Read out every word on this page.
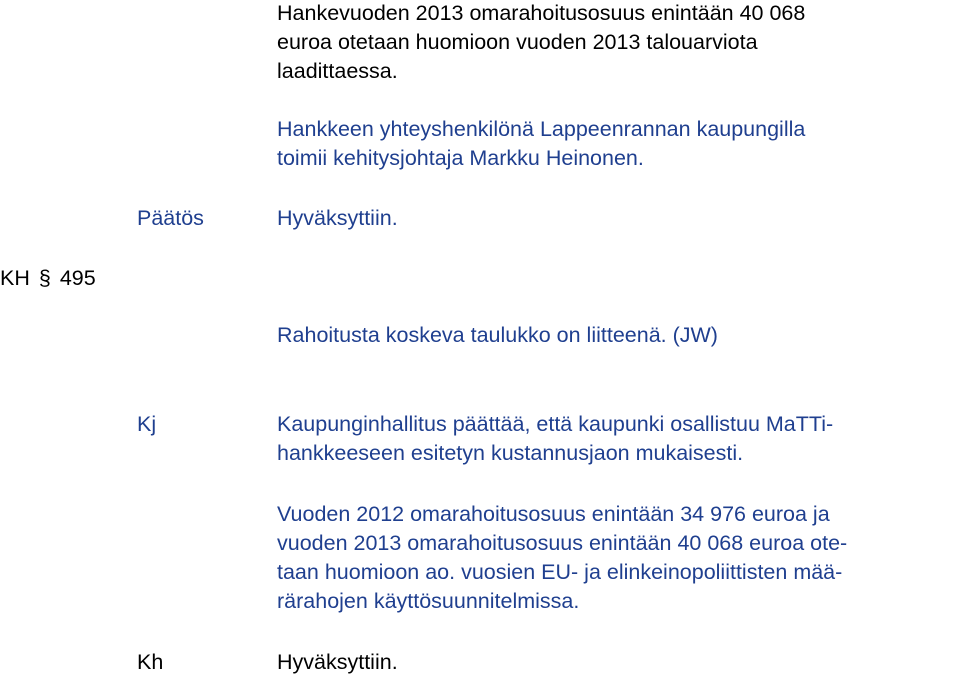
Hankevuoden 2013 omarahoitusosuus enintään 40 068
euroa otetaan huomioon vuoden 2013 talouarviota
laadittaessa.

Hankkeen yhteyshenkilönä Lappeenrannan kaupungilla
toimii kehitysjohtaja Markku Heinonen.

Päätös	Hyväksyttiin.

KH § 495

Rahoitusta koskeva taulukko on liitteenä. (JW)

Kj	Kaupunginhallitus päättää, että kaupunki osallistuu MaTTi-
hankkeeseen esitetyn kustannusjaon mukaisesti.

Vuoden 2012 omarahoitusosuus enintään 34 976 euroa ja
vuoden 2013 omarahoitusosuus enintään 40 068 euroa ote-
taan huomioon ao. vuosien EU- ja elinkeinopoliittisten mää-
rärahojen käyttösuunnitelmissa.

Kh	Hyväksyttiin.
